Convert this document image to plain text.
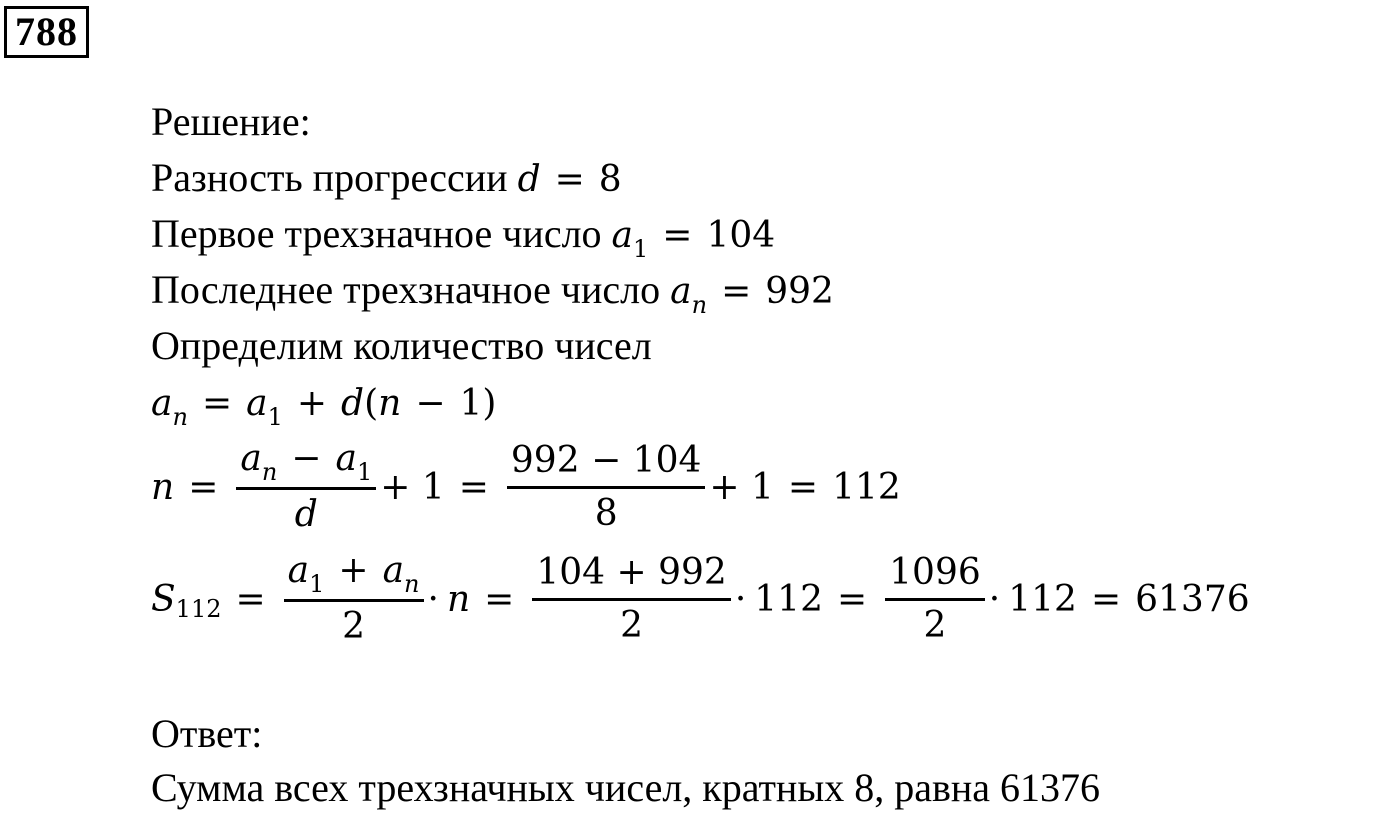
788
Решение:
Разность прогрессии d = 8
Первое трехзначное число $a_1 = 104$
Последнее трехзначное число $a_n = 992$
Определим количество чисел
$a_n = a_1 + d(n - 1)$
$n = \frac{a_n - a_1}{d} + 1 = \frac{992 - 104}{8} + 1 = 112$
S $112 = \frac{a_1 + a_n}{2} \cdot n = \frac{104 + 992}{2} \cdot 112 = \frac{1096}{2} \cdot 112 = 61376$
Ответ:
Сумма всех трехзначных чисел, кратных 8, равна 61376
